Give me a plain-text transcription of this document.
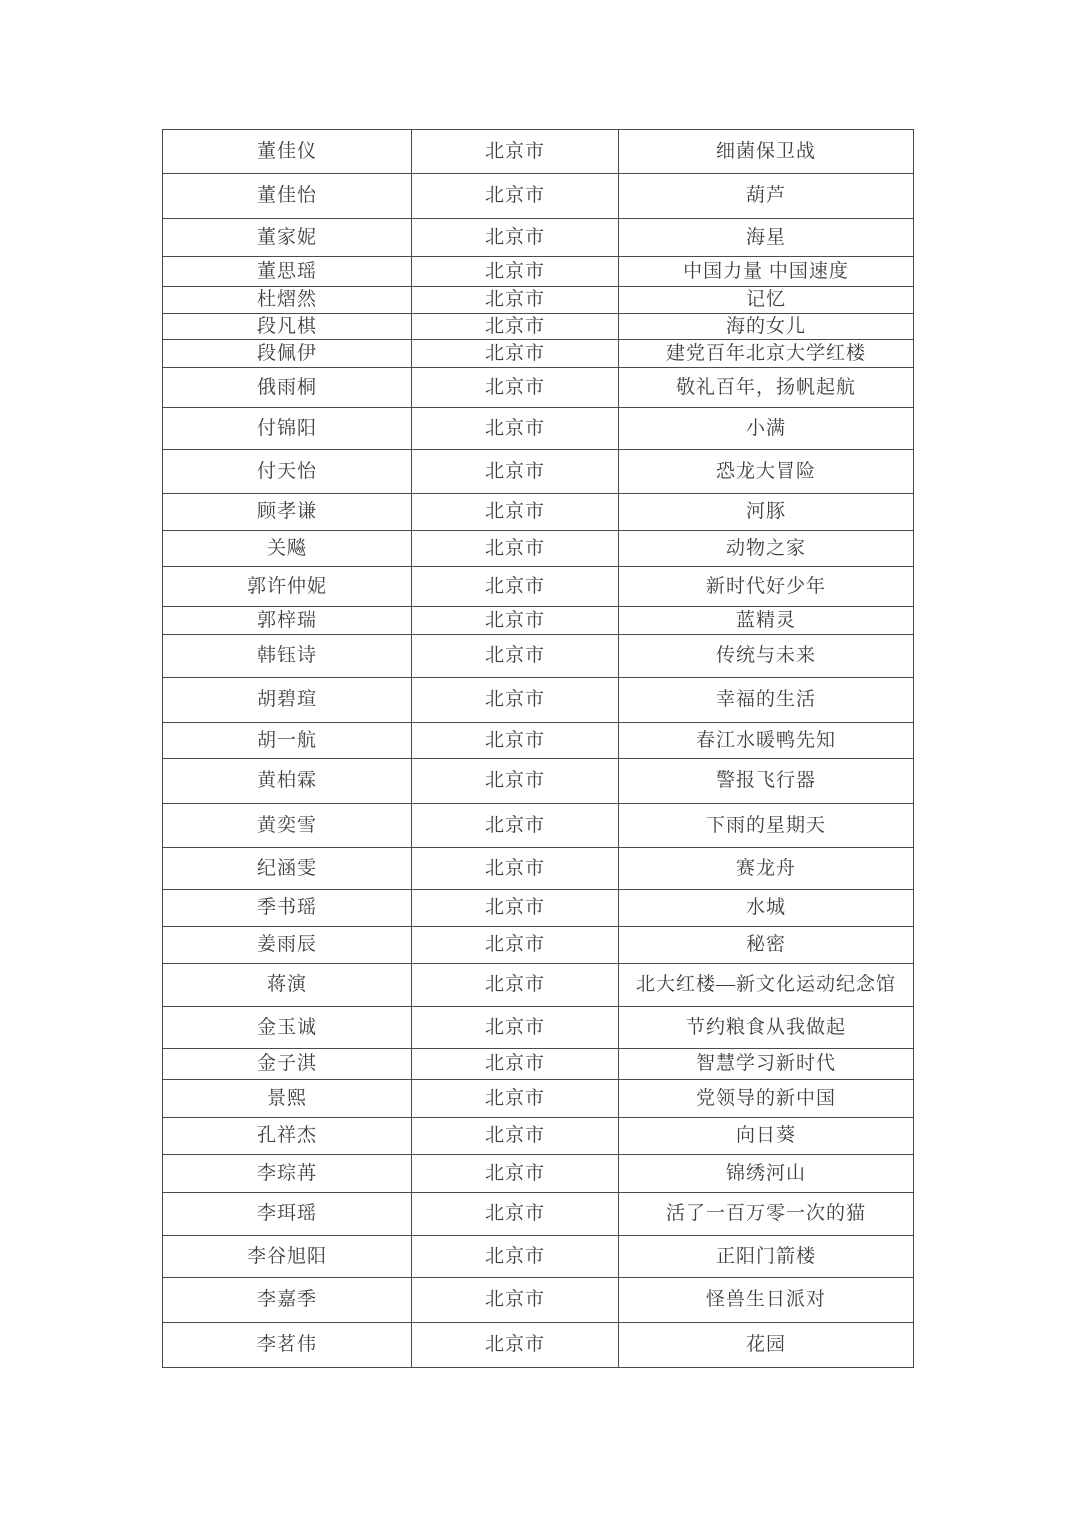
董佳仪	北京市	细菌保卫战
董佳怡	北京市	葫芦
董家妮	北京市	海星
董思瑶	北京市	中国力量 中国速度
杜熠然	北京市	记忆
段凡棋	北京市	海的女儿
段佩伊	北京市	建党百年北京大学红楼
俄雨桐	北京市	敬礼百年，扬帆起航
付锦阳	北京市	小满
付天怡	北京市	恐龙大冒险
顾孝谦	北京市	河豚
关飚	北京市	动物之家
郭许仲妮	北京市	新时代好少年
郭梓瑞	北京市	蓝精灵
韩钰诗	北京市	传统与未来
胡碧瑄	北京市	幸福的生活
胡一航	北京市	春江水暖鸭先知
黄柏霖	北京市	警报飞行器
黄奕雪	北京市	下雨的星期天
纪涵雯	北京市	赛龙舟
季书瑶	北京市	水城
姜雨辰	北京市	秘密
蒋演	北京市	北大红楼—新文化运动纪念馆
金玉诚	北京市	节约粮食从我做起
金子淇	北京市	智慧学习新时代
景熙	北京市	党领导的新中国
孔祥杰	北京市	向日葵
李琮苒	北京市	锦绣河山
李珥瑶	北京市	活了一百万零一次的猫
李谷旭阳	北京市	正阳门箭楼
李嘉季	北京市	怪兽生日派对
李茗伟	北京市	花园
